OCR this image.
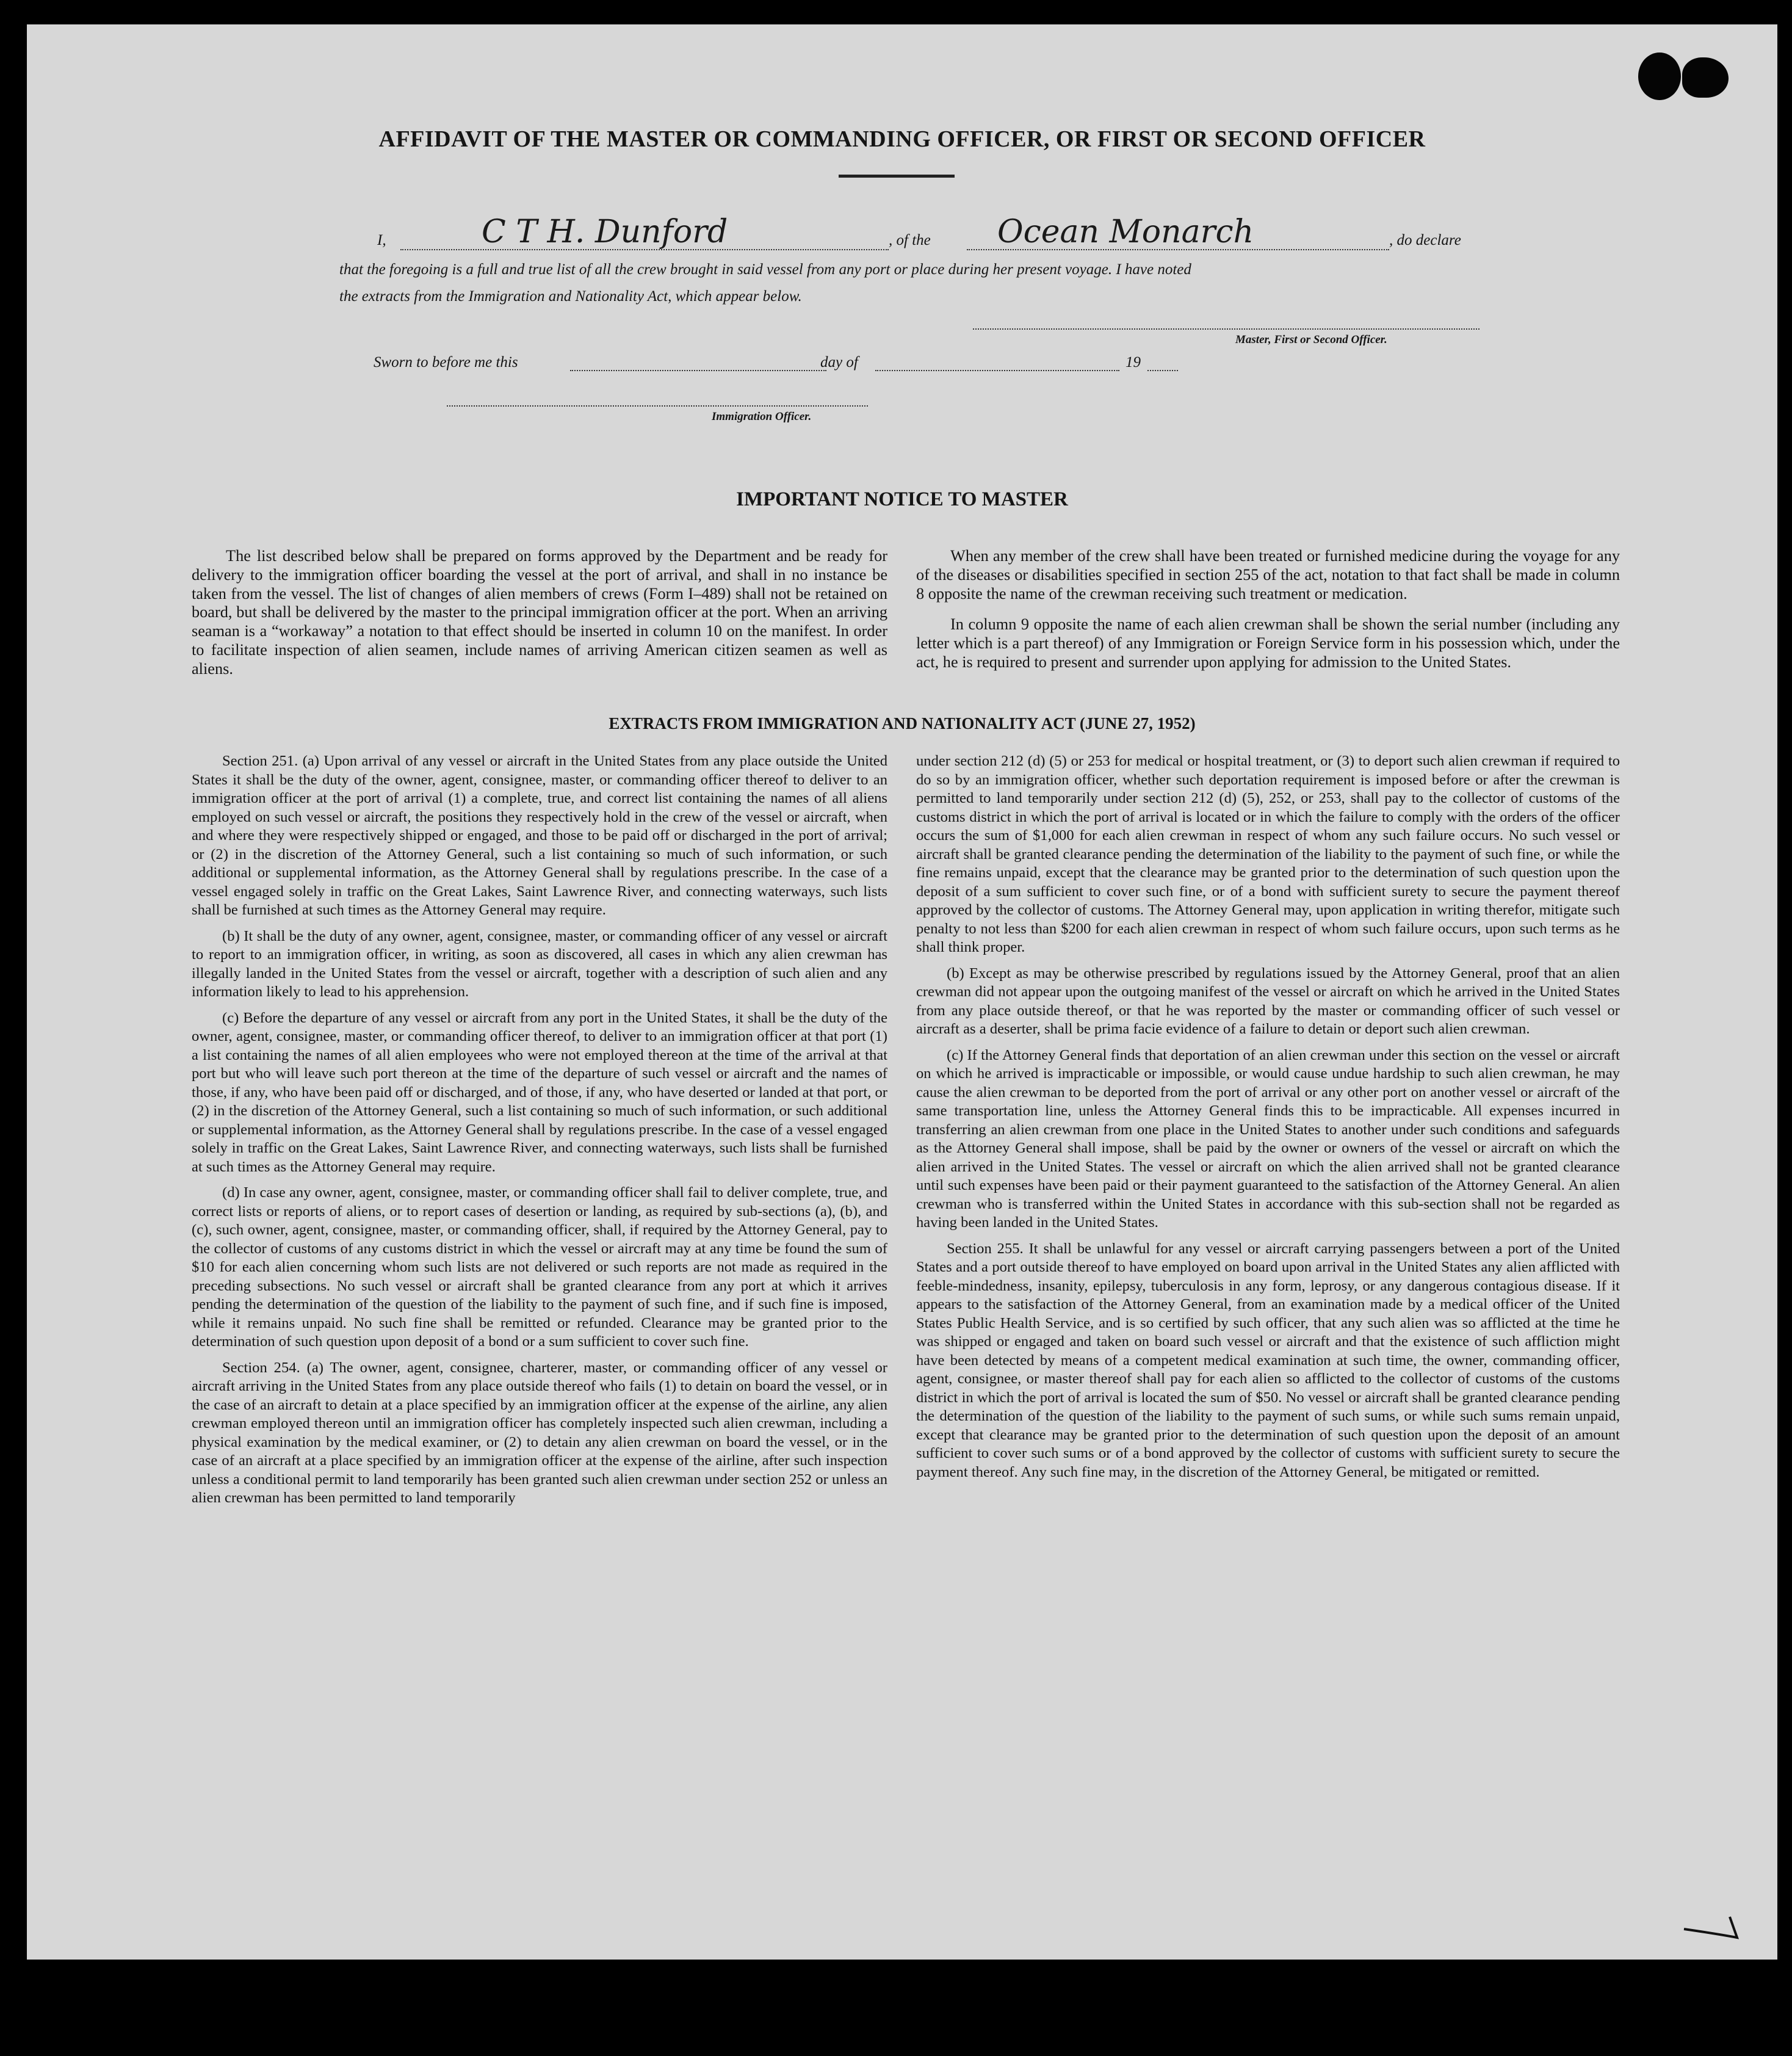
AFFIDAVIT OF THE MASTER OR COMMANDING OFFICER, OR FIRST OR SECOND OFFICER
I,	C T H. Dunford	, of the Ocean Monarch	, do declare
that the foregoing is a full and true list of all the crew brought in said vessel from any port or place during her present voyage. I have noted
the extracts from the Immigration and Nationality Act, which appear below.
Master, First or Second Officer.
Sworn to before me this	day of	19
Immigration Officer.
IMPORTANT NOTICE TO MASTER

The list described below shall be prepared on forms approved by the Department and be ready for delivery to the immigration officer boarding the vessel at the port of arrival, and shall in no instance be taken from the vessel. The list of changes of alien members of crews (Form I–489) shall not be retained on board, but shall be delivered by the master to the principal immigration officer at the port. When an arriving seaman is a “workaway” a notation to that effect should be inserted in column 10 on the manifest. In order to facilitate inspection of alien seamen, include names of arriving American citizen seamen as well as aliens.

When any member of the crew shall have been treated or furnished medicine during the voyage for any of the diseases or disabilities specified in section 255 of the act, notation to that fact shall be made in column 8 opposite the name of the crewman receiving such treatment or medication.

In column 9 opposite the name of each alien crewman shall be shown the serial number (including any letter which is a part thereof) of any Immigration or Foreign Service form in his possession which, under the act, he is required to present and surrender upon applying for admission to the United States.

EXTRACTS FROM IMMIGRATION AND NATIONALITY ACT (JUNE 27, 1952)

Section 251. (a) Upon arrival of any vessel or aircraft in the United States from any place outside the United States it shall be the duty of the owner, agent, consignee, master, or commanding officer thereof to deliver to an immigration officer at the port of arrival (1) a complete, true, and correct list containing the names of all aliens employed on such vessel or aircraft, the positions they respectively hold in the crew of the vessel or aircraft, when and where they were respectively shipped or engaged, and those to be paid off or discharged in the port of arrival; or (2) in the discretion of the Attorney General, such a list containing so much of such information, or such additional or supplemental information, as the Attorney General shall by regulations prescribe. In the case of a vessel engaged solely in traffic on the Great Lakes, Saint Lawrence River, and connecting waterways, such lists shall be furnished at such times as the Attorney General may require.

(b) It shall be the duty of any owner, agent, consignee, master, or commanding officer of any vessel or aircraft to report to an immigration officer, in writing, as soon as discovered, all cases in which any alien crewman has illegally landed in the United States from the vessel or aircraft, together with a description of such alien and any information likely to lead to his apprehension.

(c) Before the departure of any vessel or aircraft from any port in the United States, it shall be the duty of the owner, agent, consignee, master, or commanding officer thereof, to deliver to an immigration officer at that port (1) a list containing the names of all alien employees who were not employed thereon at the time of the arrival at that port but who will leave such port thereon at the time of the departure of such vessel or aircraft and the names of those, if any, who have been paid off or discharged, and of those, if any, who have deserted or landed at that port, or (2) in the discretion of the Attorney General, such a list containing so much of such information, or such additional or supplemental information, as the Attorney General shall by regulations prescribe. In the case of a vessel engaged solely in traffic on the Great Lakes, Saint Lawrence River, and connecting waterways, such lists shall be furnished at such times as the Attorney General may require.

(d) In case any owner, agent, consignee, master, or commanding officer shall fail to deliver complete, true, and correct lists or reports of aliens, or to report cases of desertion or landing, as required by sub-sections (a), (b), and (c), such owner, agent, consignee, master, or commanding officer, shall, if required by the Attorney General, pay to the collector of customs of any customs district in which the vessel or aircraft may at any time be found the sum of $10 for each alien concerning whom such lists are not delivered or such reports are not made as required in the preceding subsections. No such vessel or aircraft shall be granted clearance from any port at which it arrives pending the determination of the question of the liability to the payment of such fine, and if such fine is imposed, while it remains unpaid. No such fine shall be remitted or refunded. Clearance may be granted prior to the determination of such question upon deposit of a bond or a sum sufficient to cover such fine.

Section 254. (a) The owner, agent, consignee, charterer, master, or commanding officer of any vessel or aircraft arriving in the United States from any place outside thereof who fails (1) to detain on board the vessel, or in the case of an aircraft to detain at a place specified by an immigration officer at the expense of the airline, any alien crewman employed thereon until an immigration officer has completely inspected such alien crewman, including a physical examination by the medical examiner, or (2) to detain any alien crewman on board the vessel, or in the case of an aircraft at a place specified by an immigration officer at the expense of the airline, after such inspection unless a conditional permit to land temporarily has been granted such alien crewman under section 252 or unless an alien crewman has been permitted to land temporarily

under section 212 (d) (5) or 253 for medical or hospital treatment, or (3) to deport such alien crewman if required to do so by an immigration officer, whether such deportation requirement is imposed before or after the crewman is permitted to land temporarily under section 212 (d) (5), 252, or 253, shall pay to the collector of customs of the customs district in which the port of arrival is located or in which the failure to comply with the orders of the officer occurs the sum of $1,000 for each alien crewman in respect of whom any such failure occurs. No such vessel or aircraft shall be granted clearance pending the determination of the liability to the payment of such fine, or while the fine remains unpaid, except that the clearance may be granted prior to the determination of such question upon the deposit of a sum sufficient to cover such fine, or of a bond with sufficient surety to secure the payment thereof approved by the collector of customs. The Attorney General may, upon application in writing therefor, mitigate such penalty to not less than $200 for each alien crewman in respect of whom such failure occurs, upon such terms as he shall think proper.

(b) Except as may be otherwise prescribed by regulations issued by the Attorney General, proof that an alien crewman did not appear upon the outgoing manifest of the vessel or aircraft on which he arrived in the United States from any place outside thereof, or that he was reported by the master or commanding officer of such vessel or aircraft as a deserter, shall be prima facie evidence of a failure to detain or deport such alien crewman.

(c) If the Attorney General finds that deportation of an alien crewman under this section on the vessel or aircraft on which he arrived is impracticable or impossible, or would cause undue hardship to such alien crewman, he may cause the alien crewman to be deported from the port of arrival or any other port on another vessel or aircraft of the same transportation line, unless the Attorney General finds this to be impracticable. All expenses incurred in transferring an alien crewman from one place in the United States to another under such conditions and safeguards as the Attorney General shall impose, shall be paid by the owner or owners of the vessel or aircraft on which the alien arrived in the United States. The vessel or aircraft on which the alien arrived shall not be granted clearance until such expenses have been paid or their payment guaranteed to the satisfaction of the Attorney General. An alien crewman who is transferred within the United States in accordance with this sub-section shall not be regarded as having been landed in the United States.

Section 255. It shall be unlawful for any vessel or aircraft carrying passengers between a port of the United States and a port outside thereof to have employed on board upon arrival in the United States any alien afflicted with feeble-mindedness, insanity, epilepsy, tuberculosis in any form, leprosy, or any dangerous contagious disease. If it appears to the satisfaction of the Attorney General, from an examination made by a medical officer of the United States Public Health Service, and is so certified by such officer, that any such alien was so afflicted at the time he was shipped or engaged and taken on board such vessel or aircraft and that the existence of such affliction might have been detected by means of a competent medical examination at such time, the owner, commanding officer, agent, consignee, or master thereof shall pay for each alien so afflicted to the collector of customs of the customs district in which the port of arrival is located the sum of $50. No vessel or aircraft shall be granted clearance pending the determination of the question of the liability to the payment of such sums, or while such sums remain unpaid, except that clearance may be granted prior to the determination of such question upon the deposit of an amount sufficient to cover such sums or of a bond approved by the collector of customs with sufficient surety to secure the payment thereof. Any such fine may, in the discretion of the Attorney General, be mitigated or remitted.
